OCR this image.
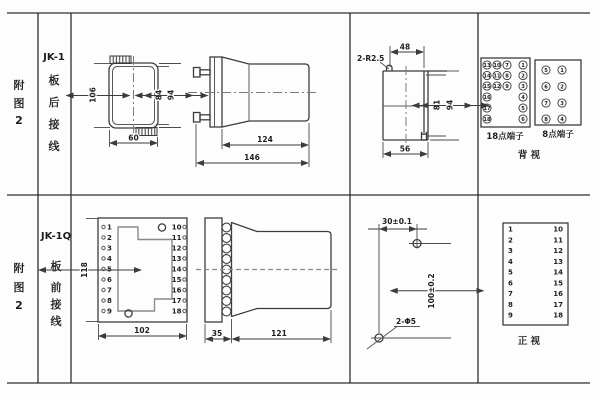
附
图
2
JK-1
板
后
接
线
106	84 94
60	124
146
2-R2.5
48
81 94
56
13 10 7 1
14 11 8 2
15 12 9 3
16	4
17	5
18	6
18点端子
5 1
6 2
7 3
8 4
8点端子
背 视
附
图
2
JK-1Q
板
前
接
线
1
2
3
4
5
6
7
8
9
10
11
12
13
14
15
16
17
18
118
102	35	121
30±0.1
2-Φ5
100±0.2
1
2
3
4
5
6
7
8
9
10
11
12
13
14
15
16
17
18
正 视
